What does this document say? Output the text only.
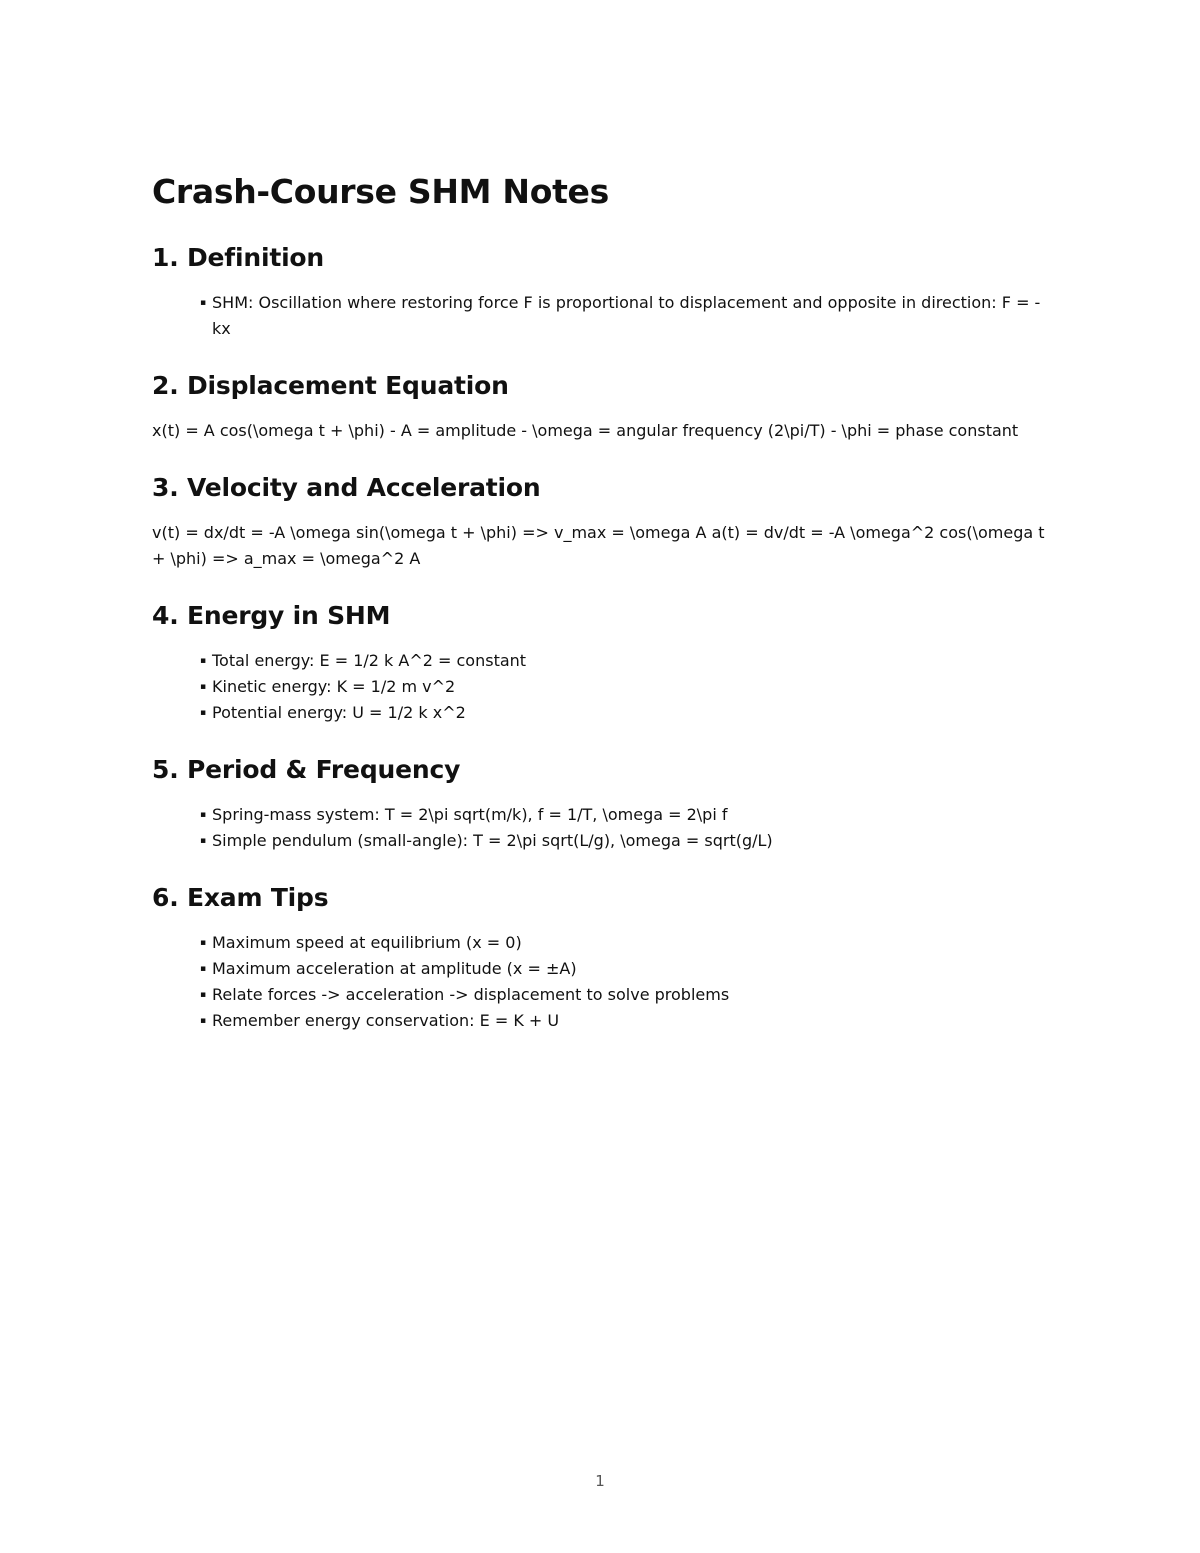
Crash-Course SHM Notes
1. Definition
▪ SHM: Oscillation where restoring force F is proportional to displacement and opposite in direction: F = -kx
2. Displacement Equation

x(t) = A cos(\omega t + \phi) - A = amplitude - \omega = angular frequency (2\pi/T) - \phi = phase constant

3. Velocity and Acceleration

v(t) = dx/dt = -A \omega sin(\omega t + \phi) => v_max = \omega A a(t) = dv/dt = -A \omega^2 cos(\omega t + \phi) => a_max = \omega^2 A

4. Energy in SHM
▪ Total energy: E = 1/2 k A^2 = constant
▪ Kinetic energy: K = 1/2 m v^2
▪ Potential energy: U = 1/2 k x^2
5. Period & Frequency
▪ Spring-mass system: T = 2\pi sqrt(m/k), f = 1/T, \omega = 2\pi f
▪ Simple pendulum (small-angle): T = 2\pi sqrt(L/g), \omega = sqrt(g/L)
6. Exam Tips
▪ Maximum speed at equilibrium (x = 0)
▪ Maximum acceleration at amplitude (x = ±A)
▪ Relate forces -> acceleration -> displacement to solve problems
▪ Remember energy conservation: E = K + U
1
